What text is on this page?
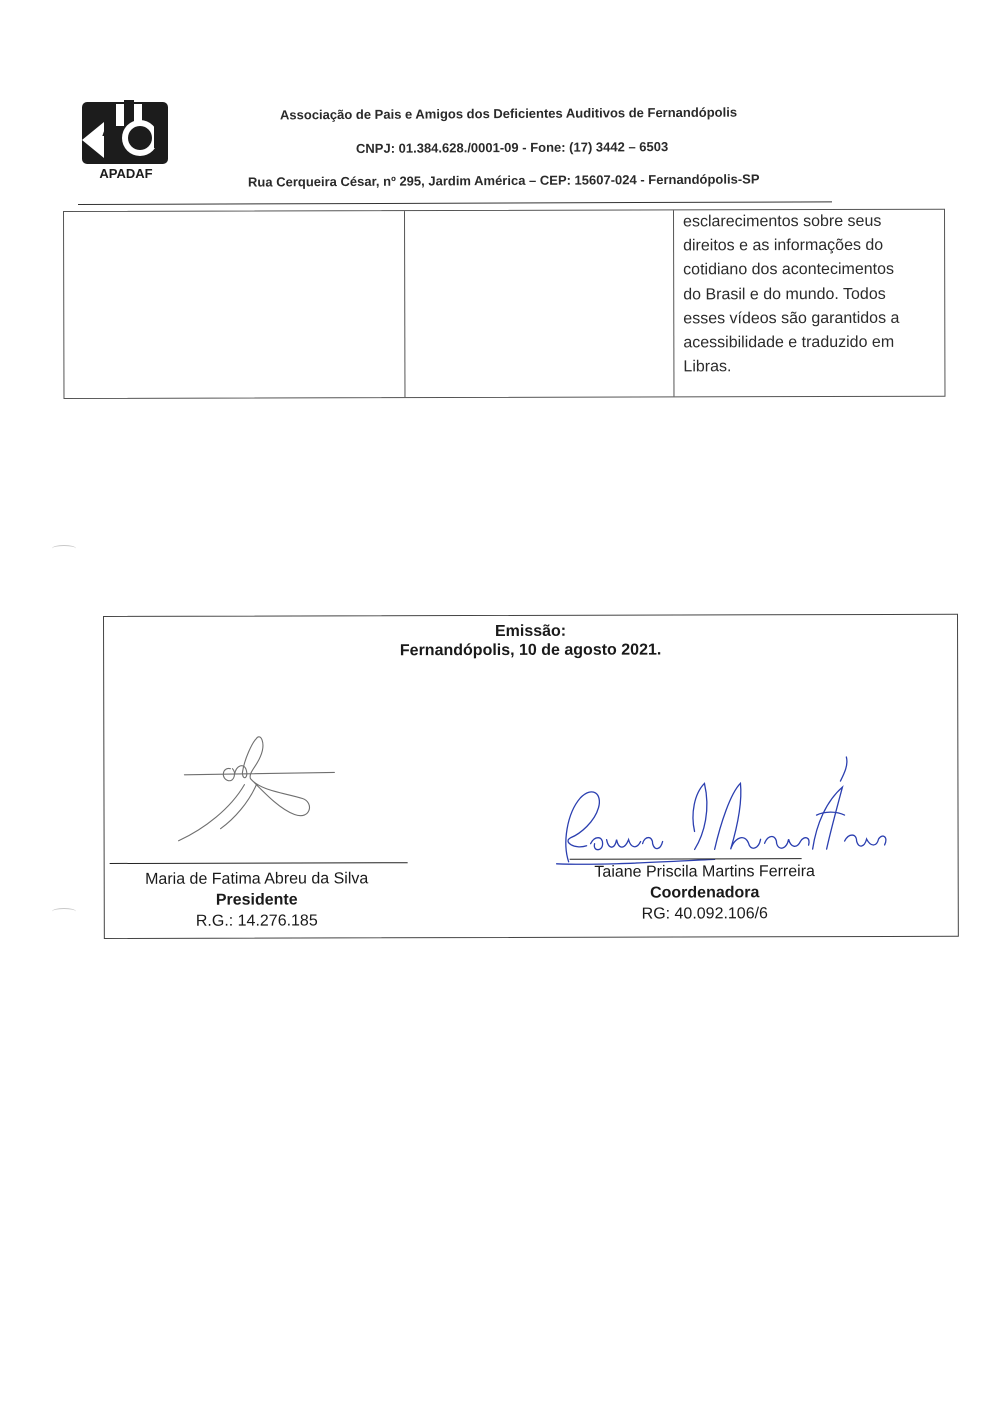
A
APADAF
Associação de Pais e Amigos dos Deficientes Auditivos de Fernandópolis
CNPJ: 01.384.628./0001-09 - Fone: (17) 3442 – 6503
Rua Cerqueira César, nº 295, Jardim América – CEP: 15607-024 - Fernandópolis-SP

esclarecimentos sobre seus

direitos e as informações do

cotidiano dos acontecimentos

do Brasil e do mundo. Todos

esses vídeos são garantidos a

acessibilidade e traduzido em

Libras.

Emissão:
Fernandópolis, 10 de agosto 2021.
Maria de Fatima Abreu da Silva
Presidente
R.G.: 14.276.185
Taiane Priscila Martins Ferreira
Coordenadora
RG: 40.092.106/6
